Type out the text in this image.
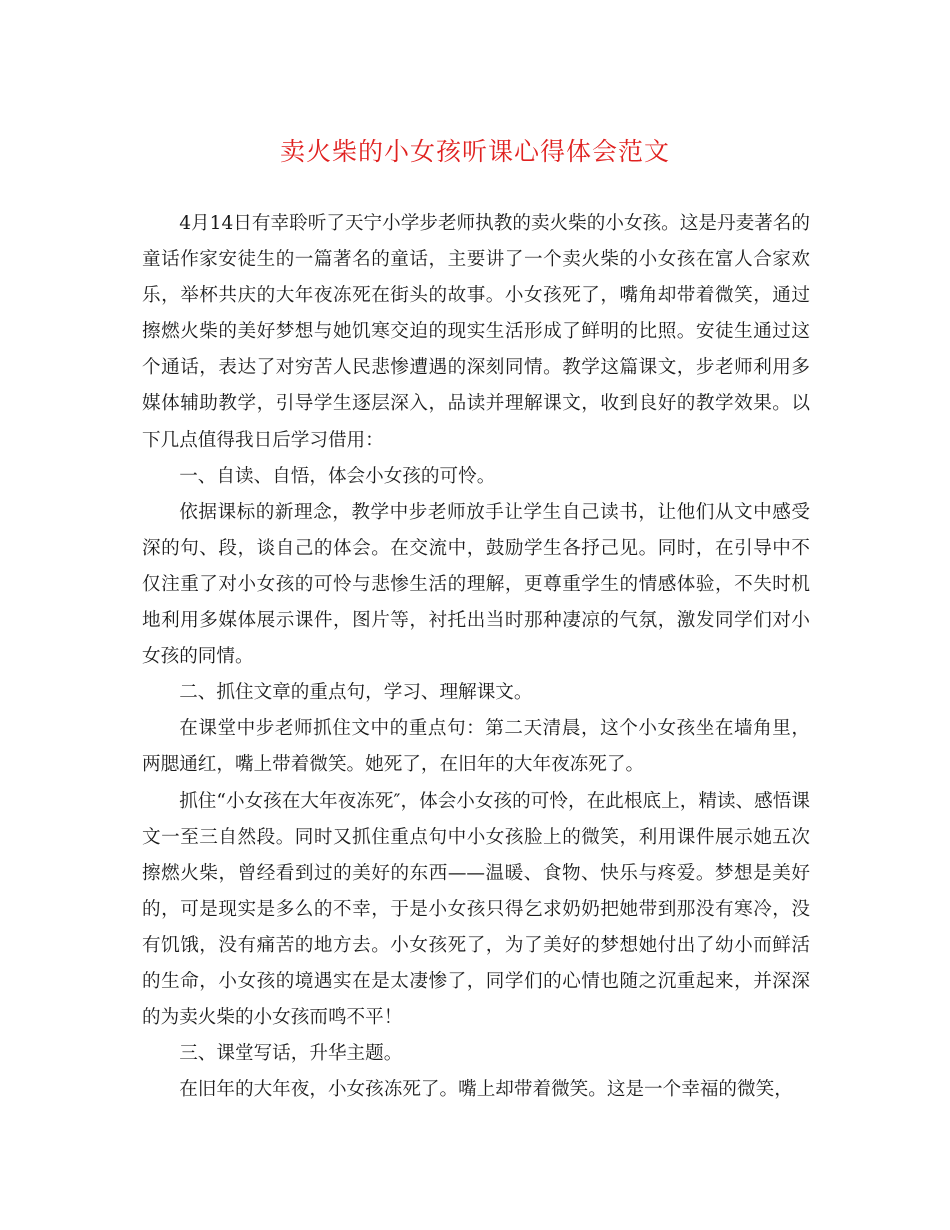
卖火柴的小女孩听课心得体会范文

4月14日有幸聆听了天宁小学步老师执教的卖火柴的小女孩。这是丹麦著名的童话作家安徒生的一篇著名的童话，主要讲了一个卖火柴的小女孩在富人合家欢乐，举杯共庆的大年夜冻死在街头的故事。小女孩死了，嘴角却带着微笑，通过擦燃火柴的美好梦想与她饥寒交迫的现实生活形成了鲜明的比照。安徒生通过这个通话，表达了对穷苦人民悲惨遭遇的深刻同情。教学这篇课文，步老师利用多媒体辅助教学，引导学生逐层深入，品读并理解课文，收到良好的教学效果。以下几点值得我日后学习借用：

一、自读、自悟，体会小女孩的可怜。

依据课标的新理念，教学中步老师放手让学生自己读书，让他们从文中感受深的句、段，谈自己的体会。在交流中，鼓励学生各抒己见。同时，在引导中不仅注重了对小女孩的可怜与悲惨生活的理解，更尊重学生的情感体验，不失时机地利用多媒体展示课件，图片等，衬托出当时那种凄凉的气氛，激发同学们对小女孩的同情。

二、抓住文章的重点句，学习、理解课文。

在课堂中步老师抓住文中的重点句：第二天清晨，这个小女孩坐在墙角里，两腮通红，嘴上带着微笑。她死了，在旧年的大年夜冻死了。

抓住“小女孩在大年夜冻死″，体会小女孩的可怜，在此根底上，精读、感悟课文一至三自然段。同时又抓住重点句中小女孩脸上的微笑，利用课件展示她五次擦燃火柴，曾经看到过的美好的东西——温暖、食物、快乐与疼爱。梦想是美好的，可是现实是多么的不幸，于是小女孩只得乞求奶奶把她带到那没有寒冷，没有饥饿，没有痛苦的地方去。小女孩死了，为了美好的梦想她付出了幼小而鲜活的生命，小女孩的境遇实在是太凄惨了，同学们的心情也随之沉重起来，并深深的为卖火柴的小女孩而鸣不平！

三、课堂写话，升华主题。

在旧年的大年夜，小女孩冻死了。嘴上却带着微笑。这是一个幸福的微笑，
